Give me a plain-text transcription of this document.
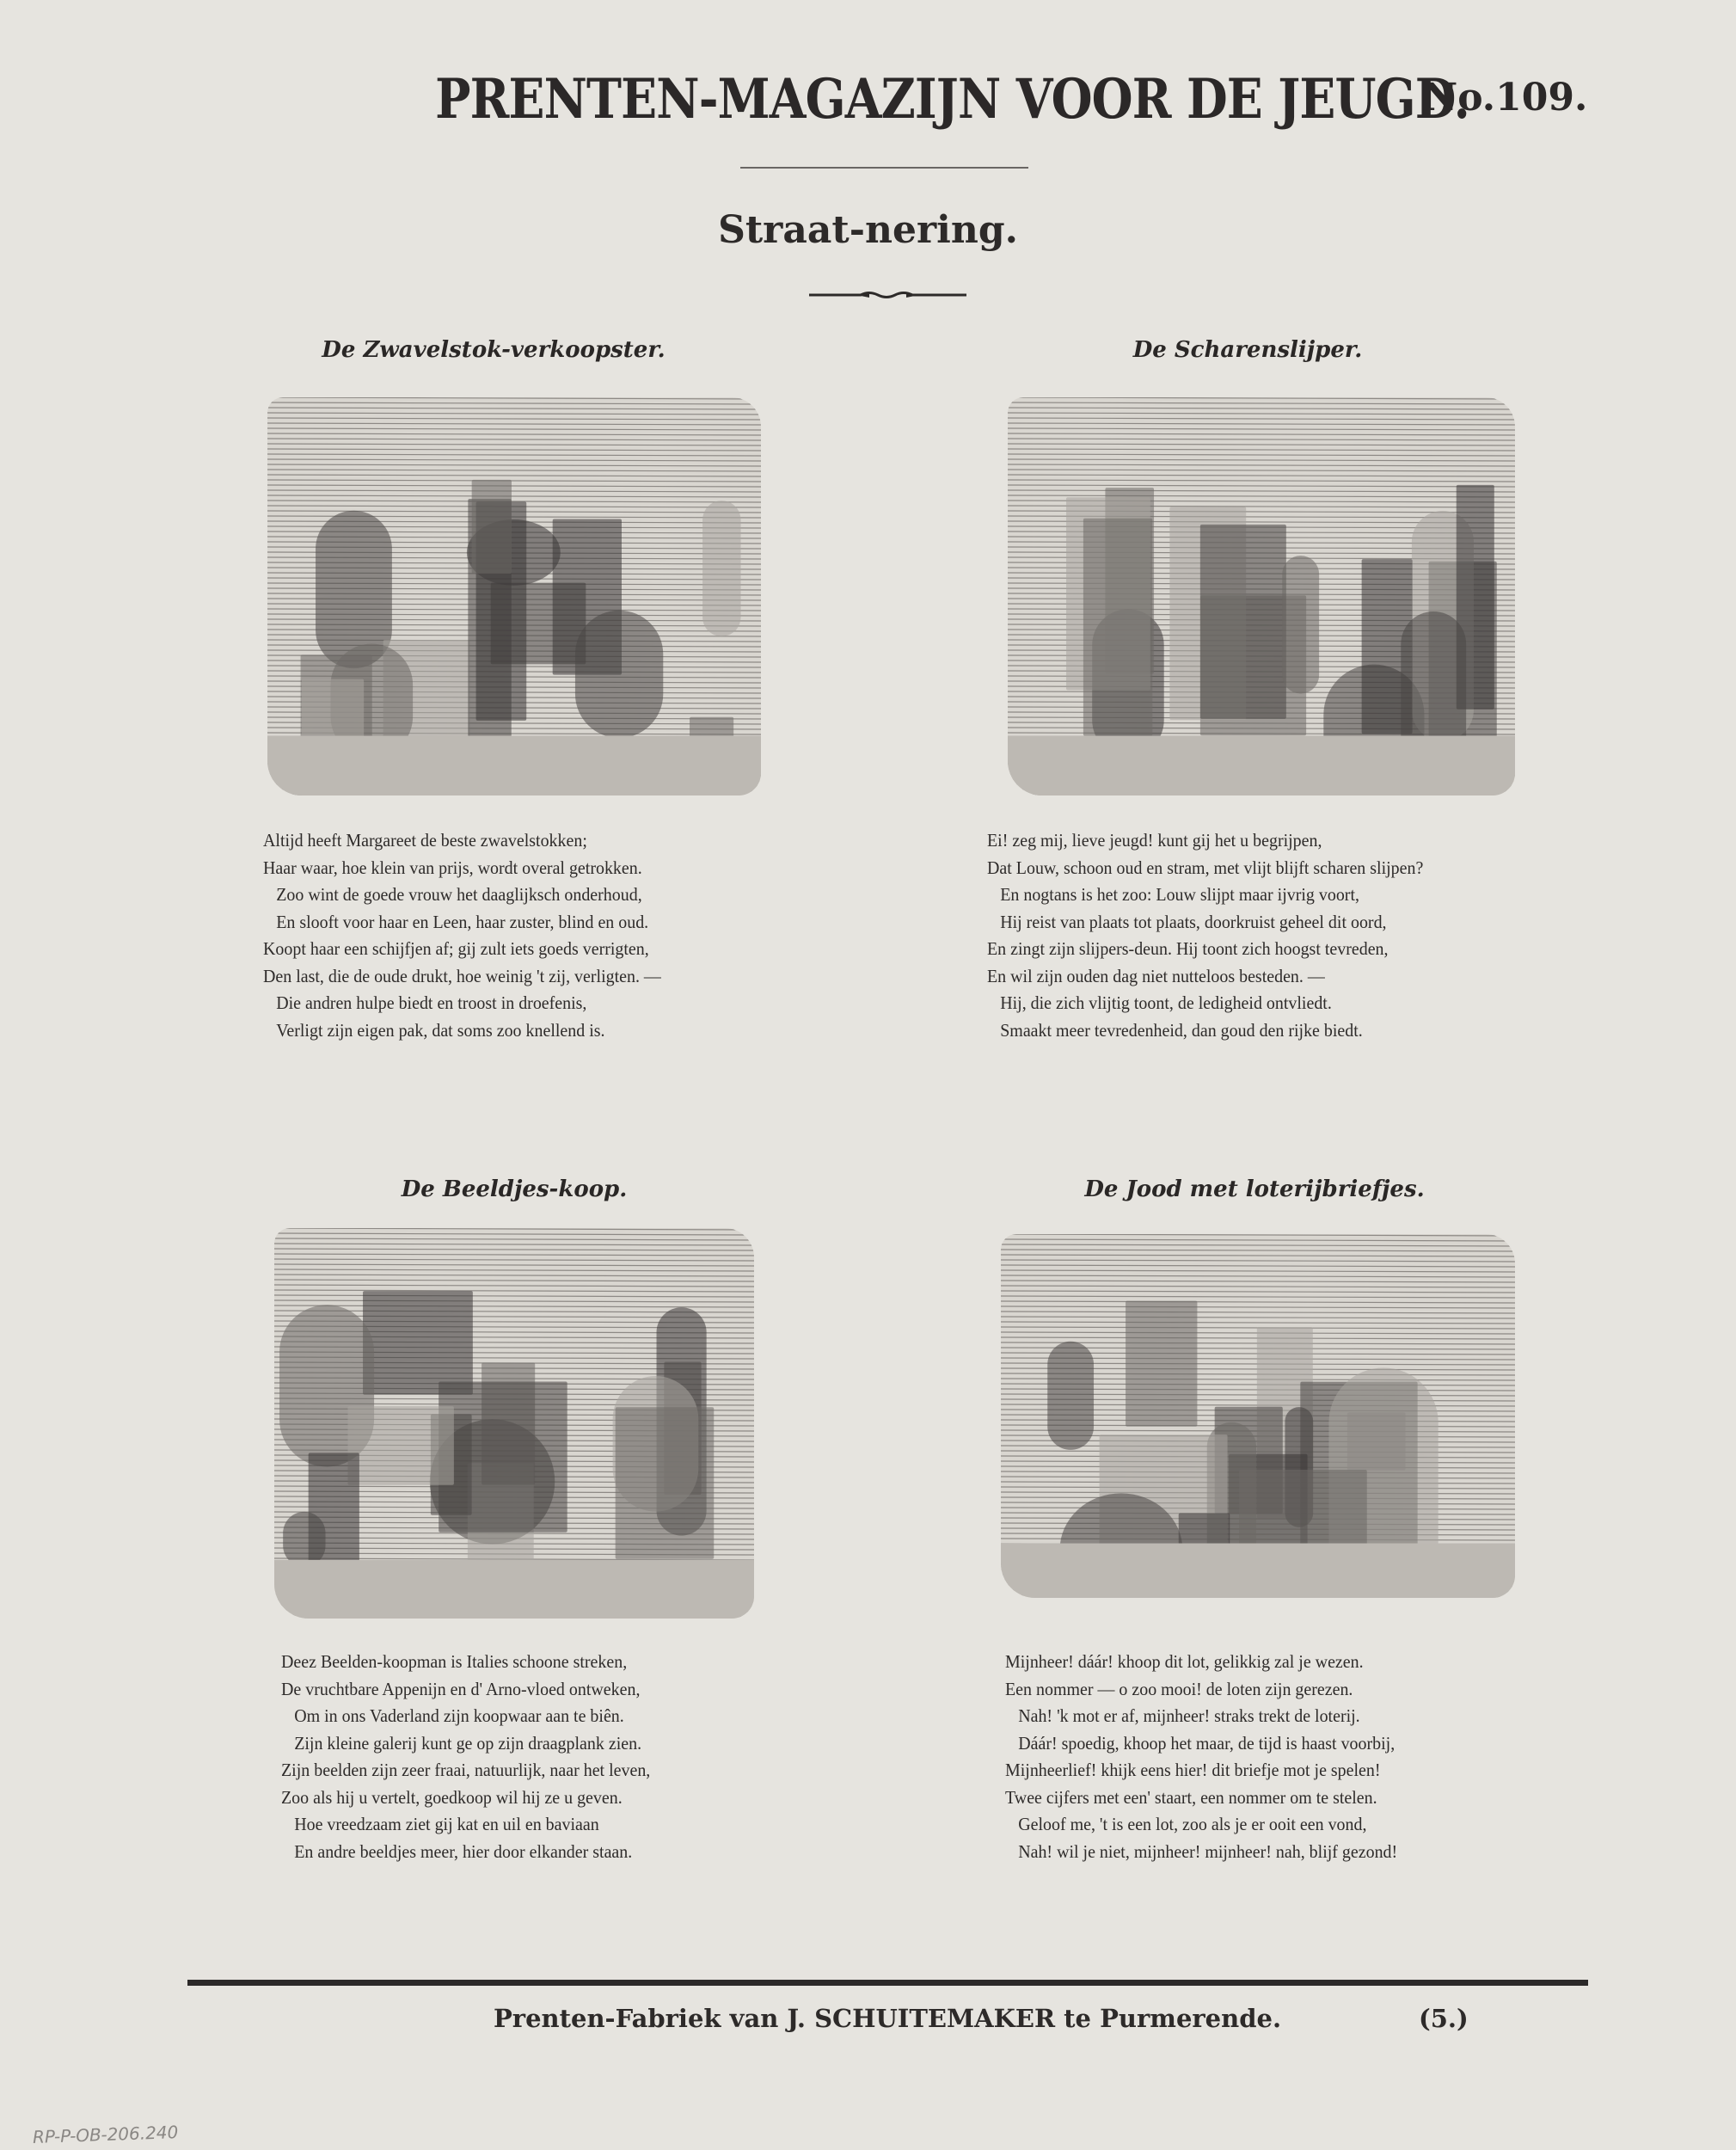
PRENTEN-MAGAZIJN VOOR DE JEUGD.
No.109.
Straat-nering.
De Zwavelstok-verkoopster.
Altijd heeft Margareet de beste zwavelstokken;
Haar waar, hoe klein van prijs, wordt overal getrokken.
Zoo wint de goede vrouw het daaglijksch onderhoud,
En slooft voor haar en Leen, haar zuster, blind en oud.
Koopt haar een schijfjen af; gij zult iets goeds verrigten,
Den last, die de oude drukt, hoe weinig 't zij, verligten. —
Die andren hulpe biedt en troost in droefenis,
Verligt zijn eigen pak, dat soms zoo knellend is.
De Scharenslijper.
Ei! zeg mij, lieve jeugd! kunt gij het u begrijpen,
Dat Louw, schoon oud en stram, met vlijt blijft scharen slijpen?
En nogtans is het zoo: Louw slijpt maar ijvrig voort,
Hij reist van plaats tot plaats, doorkruist geheel dit oord,
En zingt zijn slijpers-deun. Hij toont zich hoogst tevreden,
En wil zijn ouden dag niet nutteloos besteden. —
Hij, die zich vlijtig toont, de ledigheid ontvliedt.
Smaakt meer tevredenheid, dan goud den rijke biedt.
De Beeldjes-koop.
Deez Beelden-koopman is Italies schoone streken,
De vruchtbare Appenijn en d' Arno-vloed ontweken,
Om in ons Vaderland zijn koopwaar aan te biên.
Zijn kleine galerij kunt ge op zijn draagplank zien.
Zijn beelden zijn zeer fraai, natuurlijk, naar het leven,
Zoo als hij u vertelt, goedkoop wil hij ze u geven.
Hoe vreedzaam ziet gij kat en uil en baviaan
En andre beeldjes meer, hier door elkander staan.
De Jood met loterijbriefjes.
Mijnheer! dáár! khoop dit lot, gelikkig zal je wezen.
Een nommer — o zoo mooi! de loten zijn gerezen.
Nah! 'k mot er af, mijnheer! straks trekt de loterij.
Dáár! spoedig, khoop het maar, de tijd is haast voorbij,
Mijnheerlief! khijk eens hier! dit briefje mot je spelen!
Twee cijfers met een' staart, een nommer om te stelen.
Geloof me, 't is een lot, zoo als je er ooit een vond,
Nah! wil je niet, mijnheer! mijnheer! nah, blijf gezond!
Prenten-Fabriek van J. SCHUITEMAKER te Purmerende.	(5.)
RP-P-OB-206.240
